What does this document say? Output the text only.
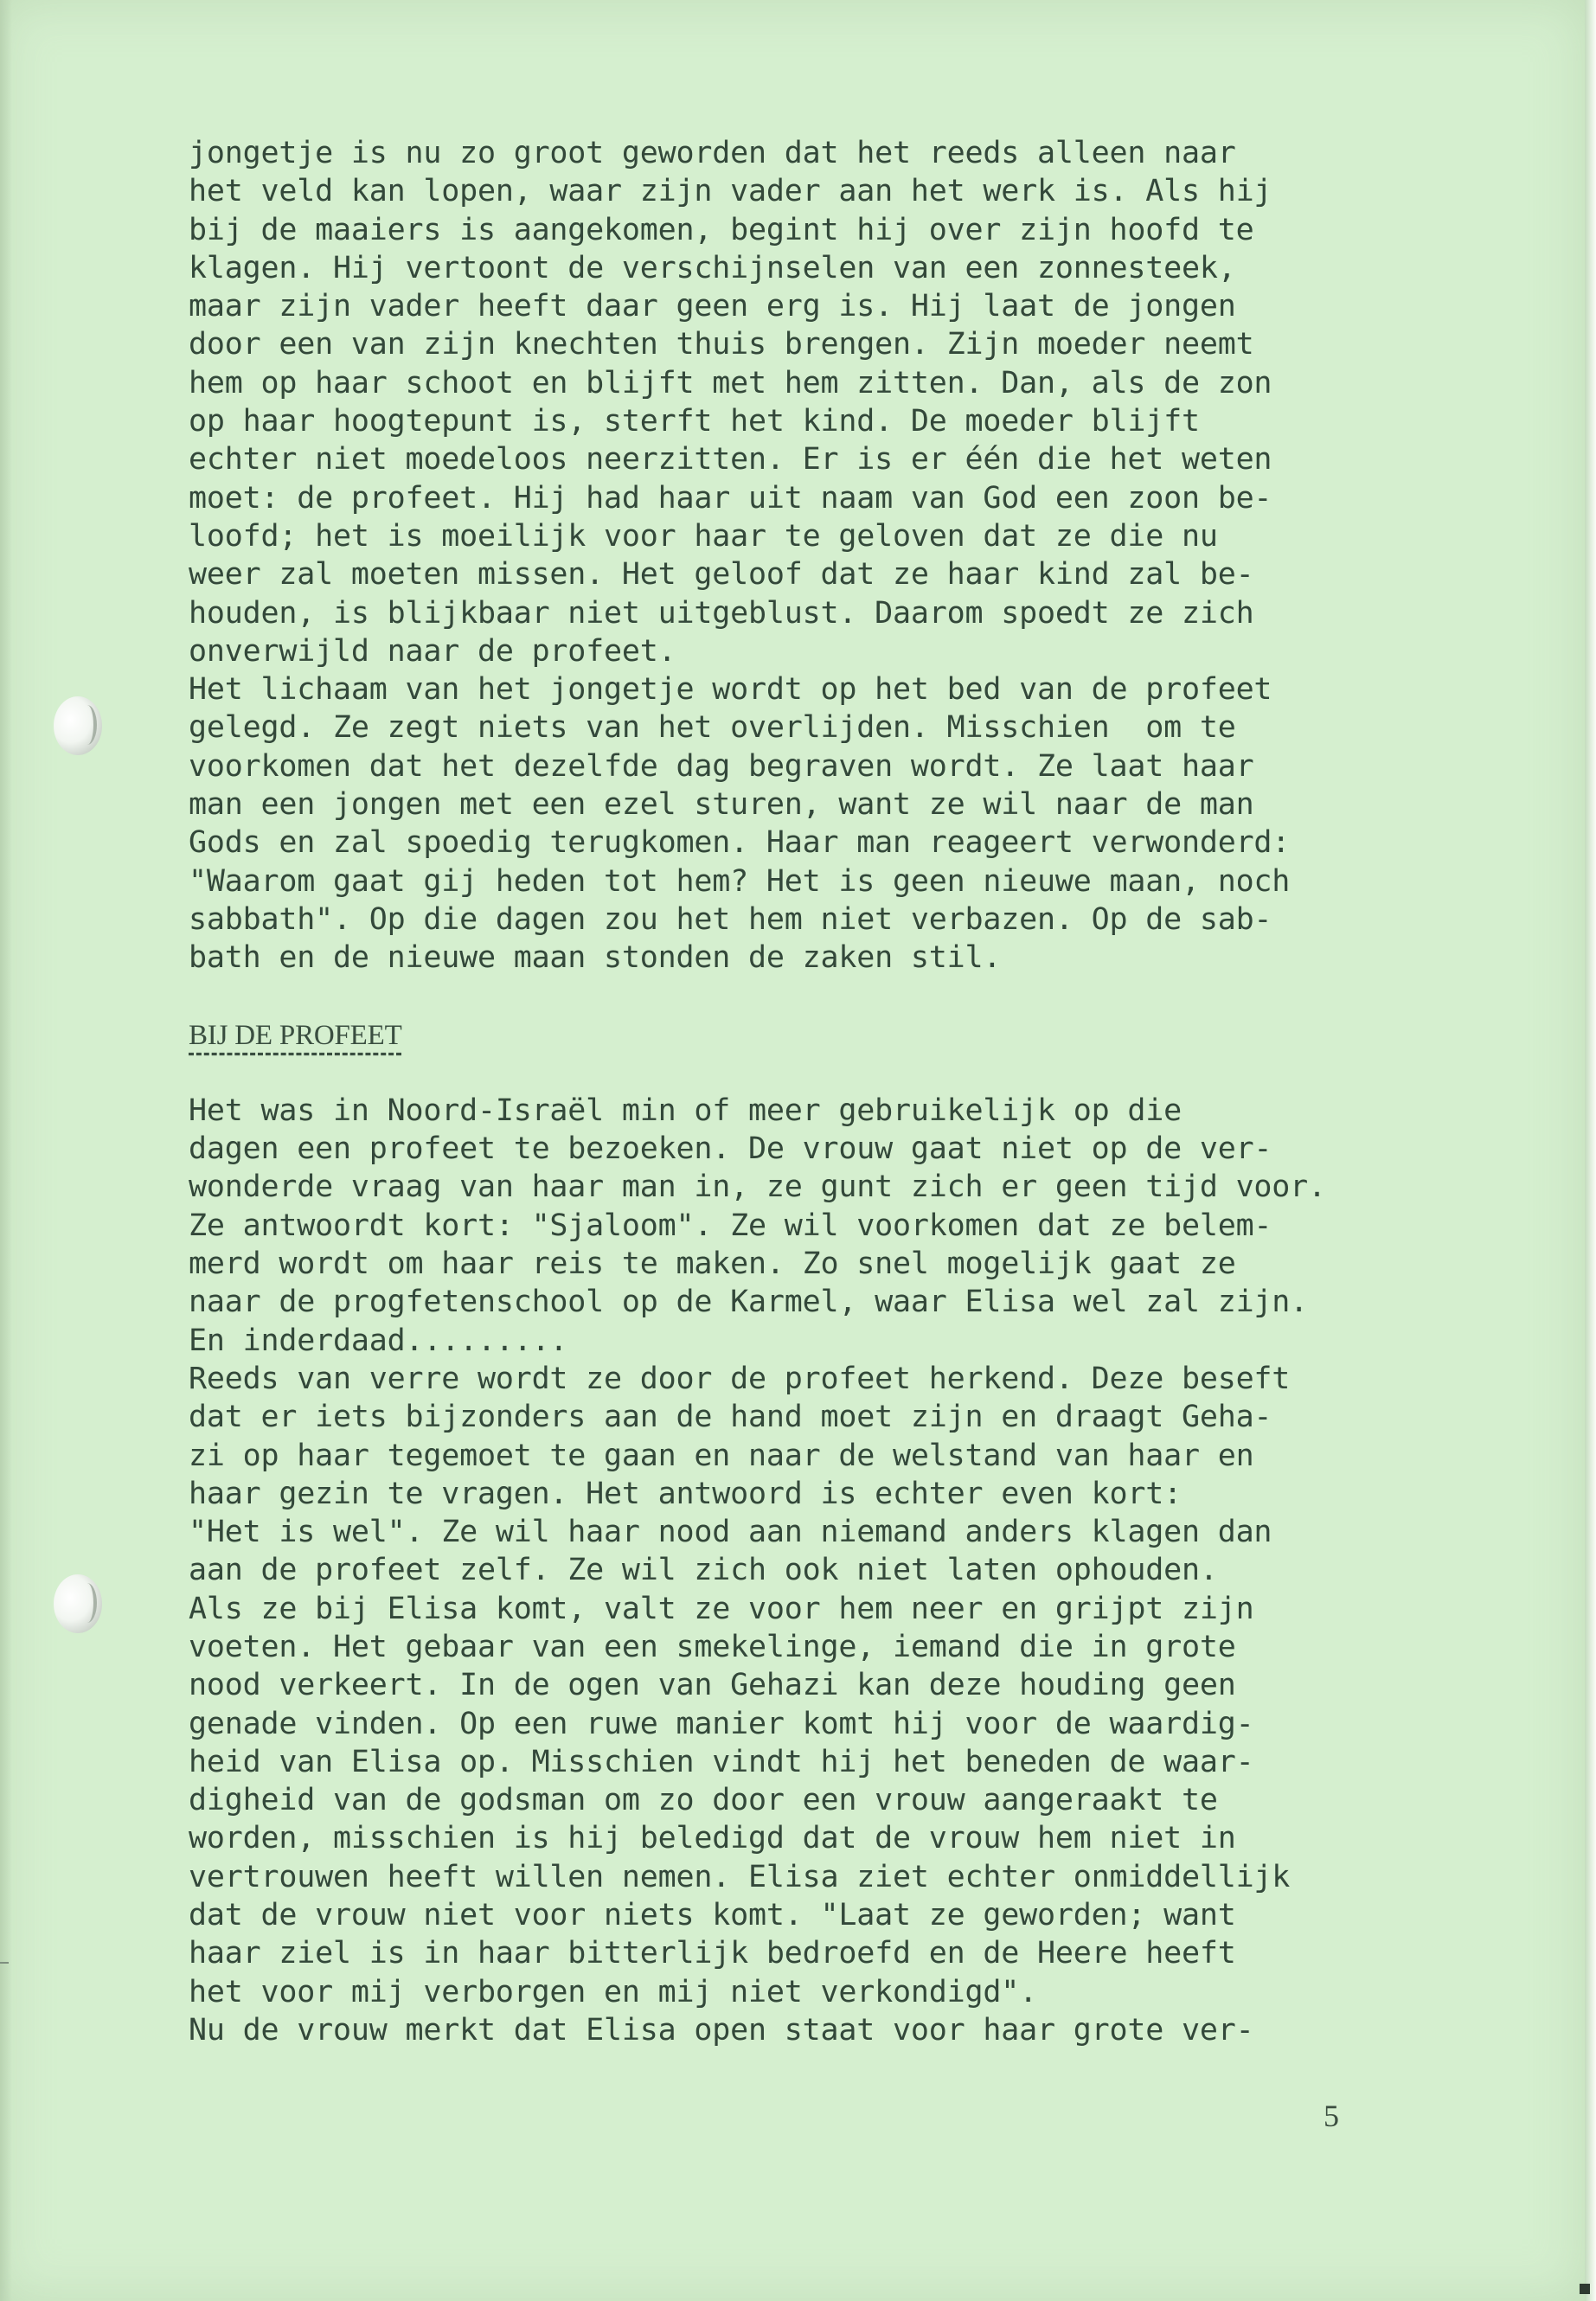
jongetje is nu zo groot geworden dat het reeds alleen naar
het veld kan lopen, waar zijn vader aan het werk is. Als hij
bij de maaiers is aangekomen, begint hij over zijn hoofd te
klagen. Hij vertoont de verschijnselen van een zonnesteek,
maar zijn vader heeft daar geen erg is. Hij laat de jongen
door een van zijn knechten thuis brengen. Zijn moeder neemt
hem op haar schoot en blijft met hem zitten. Dan, als de zon
op haar hoogtepunt is, sterft het kind. De moeder blijft
echter niet moedeloos neerzitten. Er is er één die het weten
moet: de profeet. Hij had haar uit naam van God een zoon be-
loofd; het is moeilijk voor haar te geloven dat ze die nu
weer zal moeten missen. Het geloof dat ze haar kind zal be-
houden, is blijkbaar niet uitgeblust. Daarom spoedt ze zich
onverwijld naar de profeet.
Het lichaam van het jongetje wordt op het bed van de profeet
gelegd. Ze zegt niets van het overlijden. Misschien  om te
voorkomen dat het dezelfde dag begraven wordt. Ze laat haar
man een jongen met een ezel sturen, want ze wil naar de man
Gods en zal spoedig terugkomen. Haar man reageert verwonderd:
"Waarom gaat gij heden tot hem? Het is geen nieuwe maan, noch
sabbath". Op die dagen zou het hem niet verbazen. Op de sab-
bath en de nieuwe maan stonden de zaken stil.
BIJ DE PROFEET
Het was in Noord-Israël min of meer gebruikelijk op die
dagen een profeet te bezoeken. De vrouw gaat niet op de ver-
wonderde vraag van haar man in, ze gunt zich er geen tijd voor.
Ze antwoordt kort: "Sjaloom". Ze wil voorkomen dat ze belem-
merd wordt om haar reis te maken. Zo snel mogelijk gaat ze
naar de progfetenschool op de Karmel, waar Elisa wel zal zijn.
En inderdaad.........
Reeds van verre wordt ze door de profeet herkend. Deze beseft
dat er iets bijzonders aan de hand moet zijn en draagt Geha-
zi op haar tegemoet te gaan en naar de welstand van haar en
haar gezin te vragen. Het antwoord is echter even kort:
"Het is wel". Ze wil haar nood aan niemand anders klagen dan
aan de profeet zelf. Ze wil zich ook niet laten ophouden.
Als ze bij Elisa komt, valt ze voor hem neer en grijpt zijn
voeten. Het gebaar van een smekelinge, iemand die in grote
nood verkeert. In de ogen van Gehazi kan deze houding geen
genade vinden. Op een ruwe manier komt hij voor de waardig-
heid van Elisa op. Misschien vindt hij het beneden de waar-
digheid van de godsman om zo door een vrouw aangeraakt te
worden, misschien is hij beledigd dat de vrouw hem niet in
vertrouwen heeft willen nemen. Elisa ziet echter onmiddellijk
dat de vrouw niet voor niets komt. "Laat ze geworden; want
haar ziel is in haar bitterlijk bedroefd en de Heere heeft
het voor mij verborgen en mij niet verkondigd".
Nu de vrouw merkt dat Elisa open staat voor haar grote ver-
5
